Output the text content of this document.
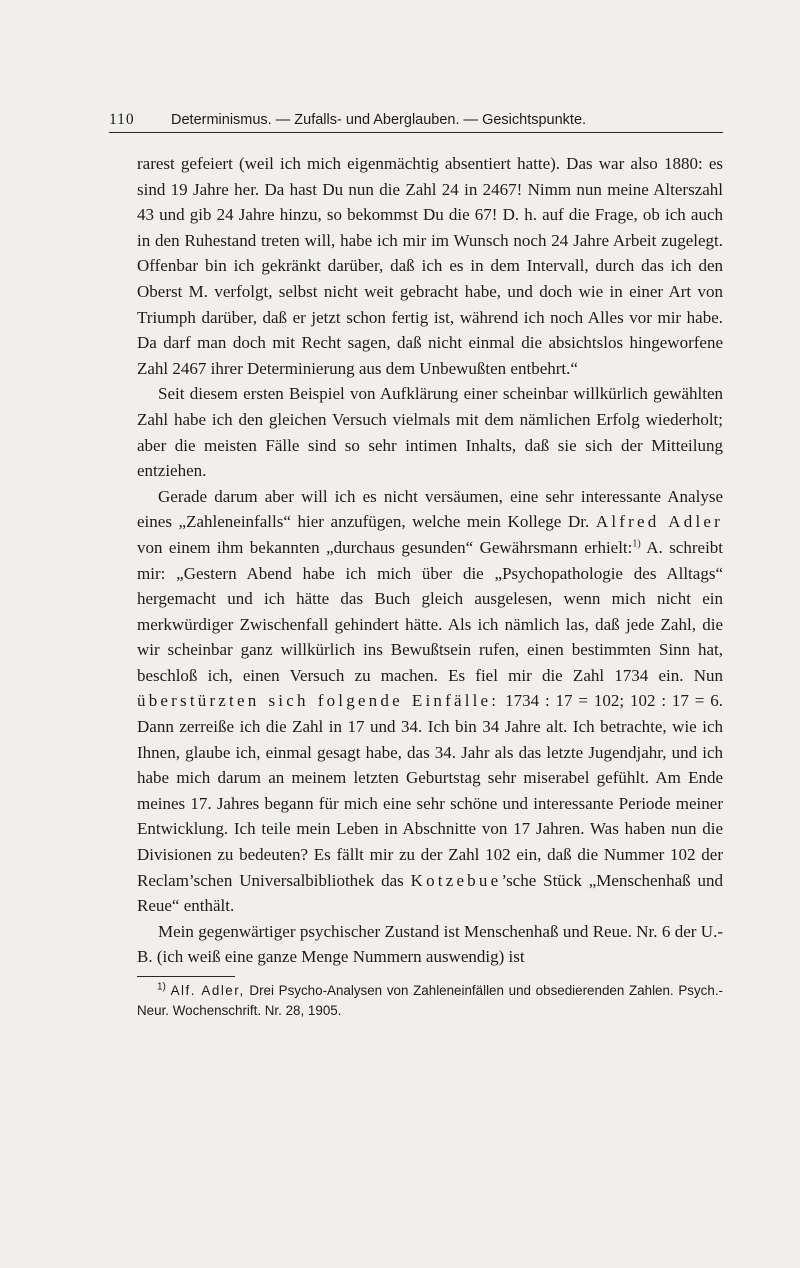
110	Determinismus. — Zufalls- und Aberglauben. — Gesichtspunkte.

rarest gefeiert (weil ich mich eigenmächtig absentiert hatte). Das war also 1880: es sind 19 Jahre her. Da hast Du nun die Zahl 24 in 2467! Nimm nun meine Alterszahl 43 und gib 24 Jahre hinzu, so bekommst Du die 67! D. h. auf die Frage, ob ich auch in den Ruhestand treten will, habe ich mir im Wunsch noch 24 Jahre Arbeit zugelegt. Offenbar bin ich gekränkt darüber, daß ich es in dem Intervall, durch das ich den Oberst M. verfolgt, selbst nicht weit gebracht habe, und doch wie in einer Art von Triumph darüber, daß er jetzt schon fertig ist, während ich noch Alles vor mir habe. Da darf man doch mit Recht sagen, daß nicht einmal die absichtslos hingeworfene Zahl 2467 ihrer Determinierung aus dem Unbewußten entbehrt.“

Seit diesem ersten Beispiel von Aufklärung einer scheinbar willkürlich gewählten Zahl habe ich den gleichen Versuch vielmals mit dem nämlichen Erfolg wiederholt; aber die meisten Fälle sind so sehr intimen Inhalts, daß sie sich der Mitteilung entziehen.

Gerade darum aber will ich es nicht versäumen, eine sehr interessante Analyse eines „Zahleneinfalls“ hier anzufügen, welche mein Kollege Dr. Alfred Adler von einem ihm bekannten „durchaus gesunden“ Gewährsmann erhielt:$^{1)}$ A. schreibt mir: „Gestern Abend habe ich mich über die „Psychopathologie des Alltags“ hergemacht und ich hätte das Buch gleich ausgelesen, wenn mich nicht ein merkwürdiger Zwischenfall gehindert hätte. Als ich nämlich las, daß jede Zahl, die wir scheinbar ganz willkürlich ins Bewußtsein rufen, einen bestimmten Sinn hat, beschloß ich, einen Versuch zu machen. Es fiel mir die Zahl 1734 ein. Nun überstürzten sich folgende Einfälle: 1734 : 17 = 102; 102 : 17 = 6. Dann zerreiße ich die Zahl in 17 und 34. Ich bin 34 Jahre alt. Ich betrachte, wie ich Ihnen, glaube ich, einmal gesagt habe, das 34. Jahr als das letzte Jugendjahr, und ich habe mich darum an meinem letzten Geburtstag sehr miserabel gefühlt. Am Ende meines 17. Jahres begann für mich eine sehr schöne und interessante Periode meiner Entwicklung. Ich teile mein Leben in Abschnitte von 17 Jahren. Was haben nun die Divisionen zu bedeuten? Es fällt mir zu der Zahl 102 ein, daß die Nummer 102 der Reclam’schen Universalbibliothek das Kotzebue’sche Stück „Menschenhaß und Reue“ enthält.

Mein gegenwärtiger psychischer Zustand ist Menschenhaß und Reue. Nr. 6 der U.-B. (ich weiß eine ganze Menge Nummern auswendig) ist

$^{1)}$ Alf. Adler, Drei Psycho-Analysen von Zahleneinfällen und obsedierenden Zahlen. Psych.-Neur. Wochenschrift. Nr. 28, 1905.
